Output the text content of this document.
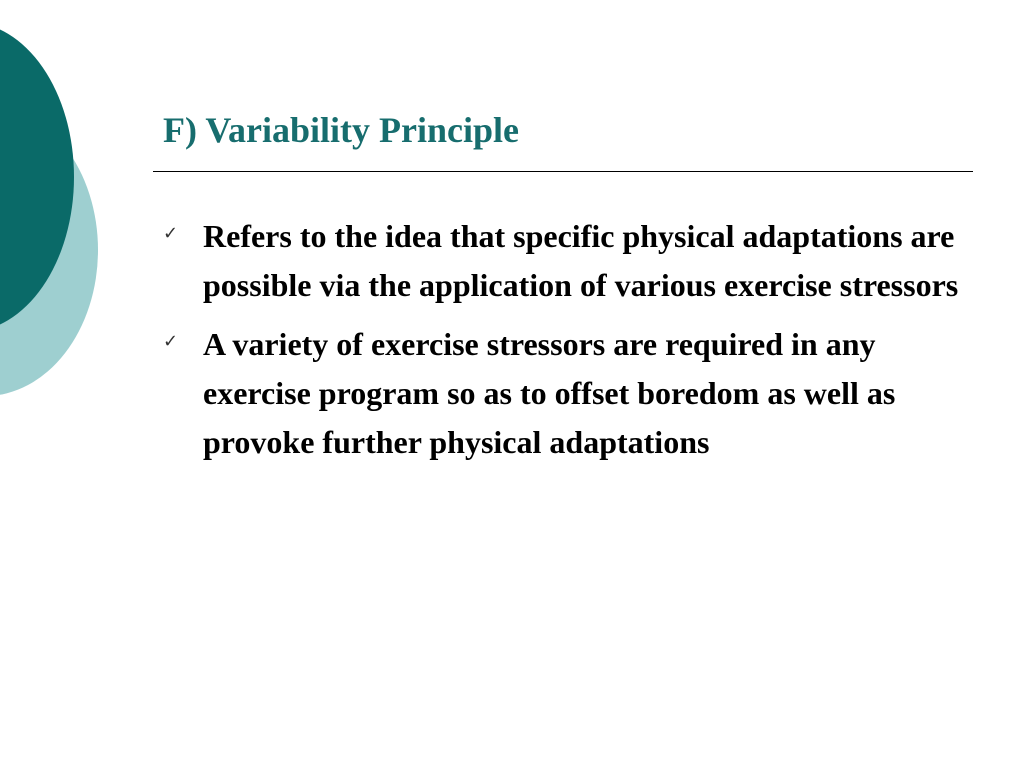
F) Variability Principle
✓ Refers to the idea that specific physical adaptations are possible via the application of various exercise stressors
✓ A variety of exercise stressors are required in any exercise program so as to offset boredom as well as provoke further physical adaptations
